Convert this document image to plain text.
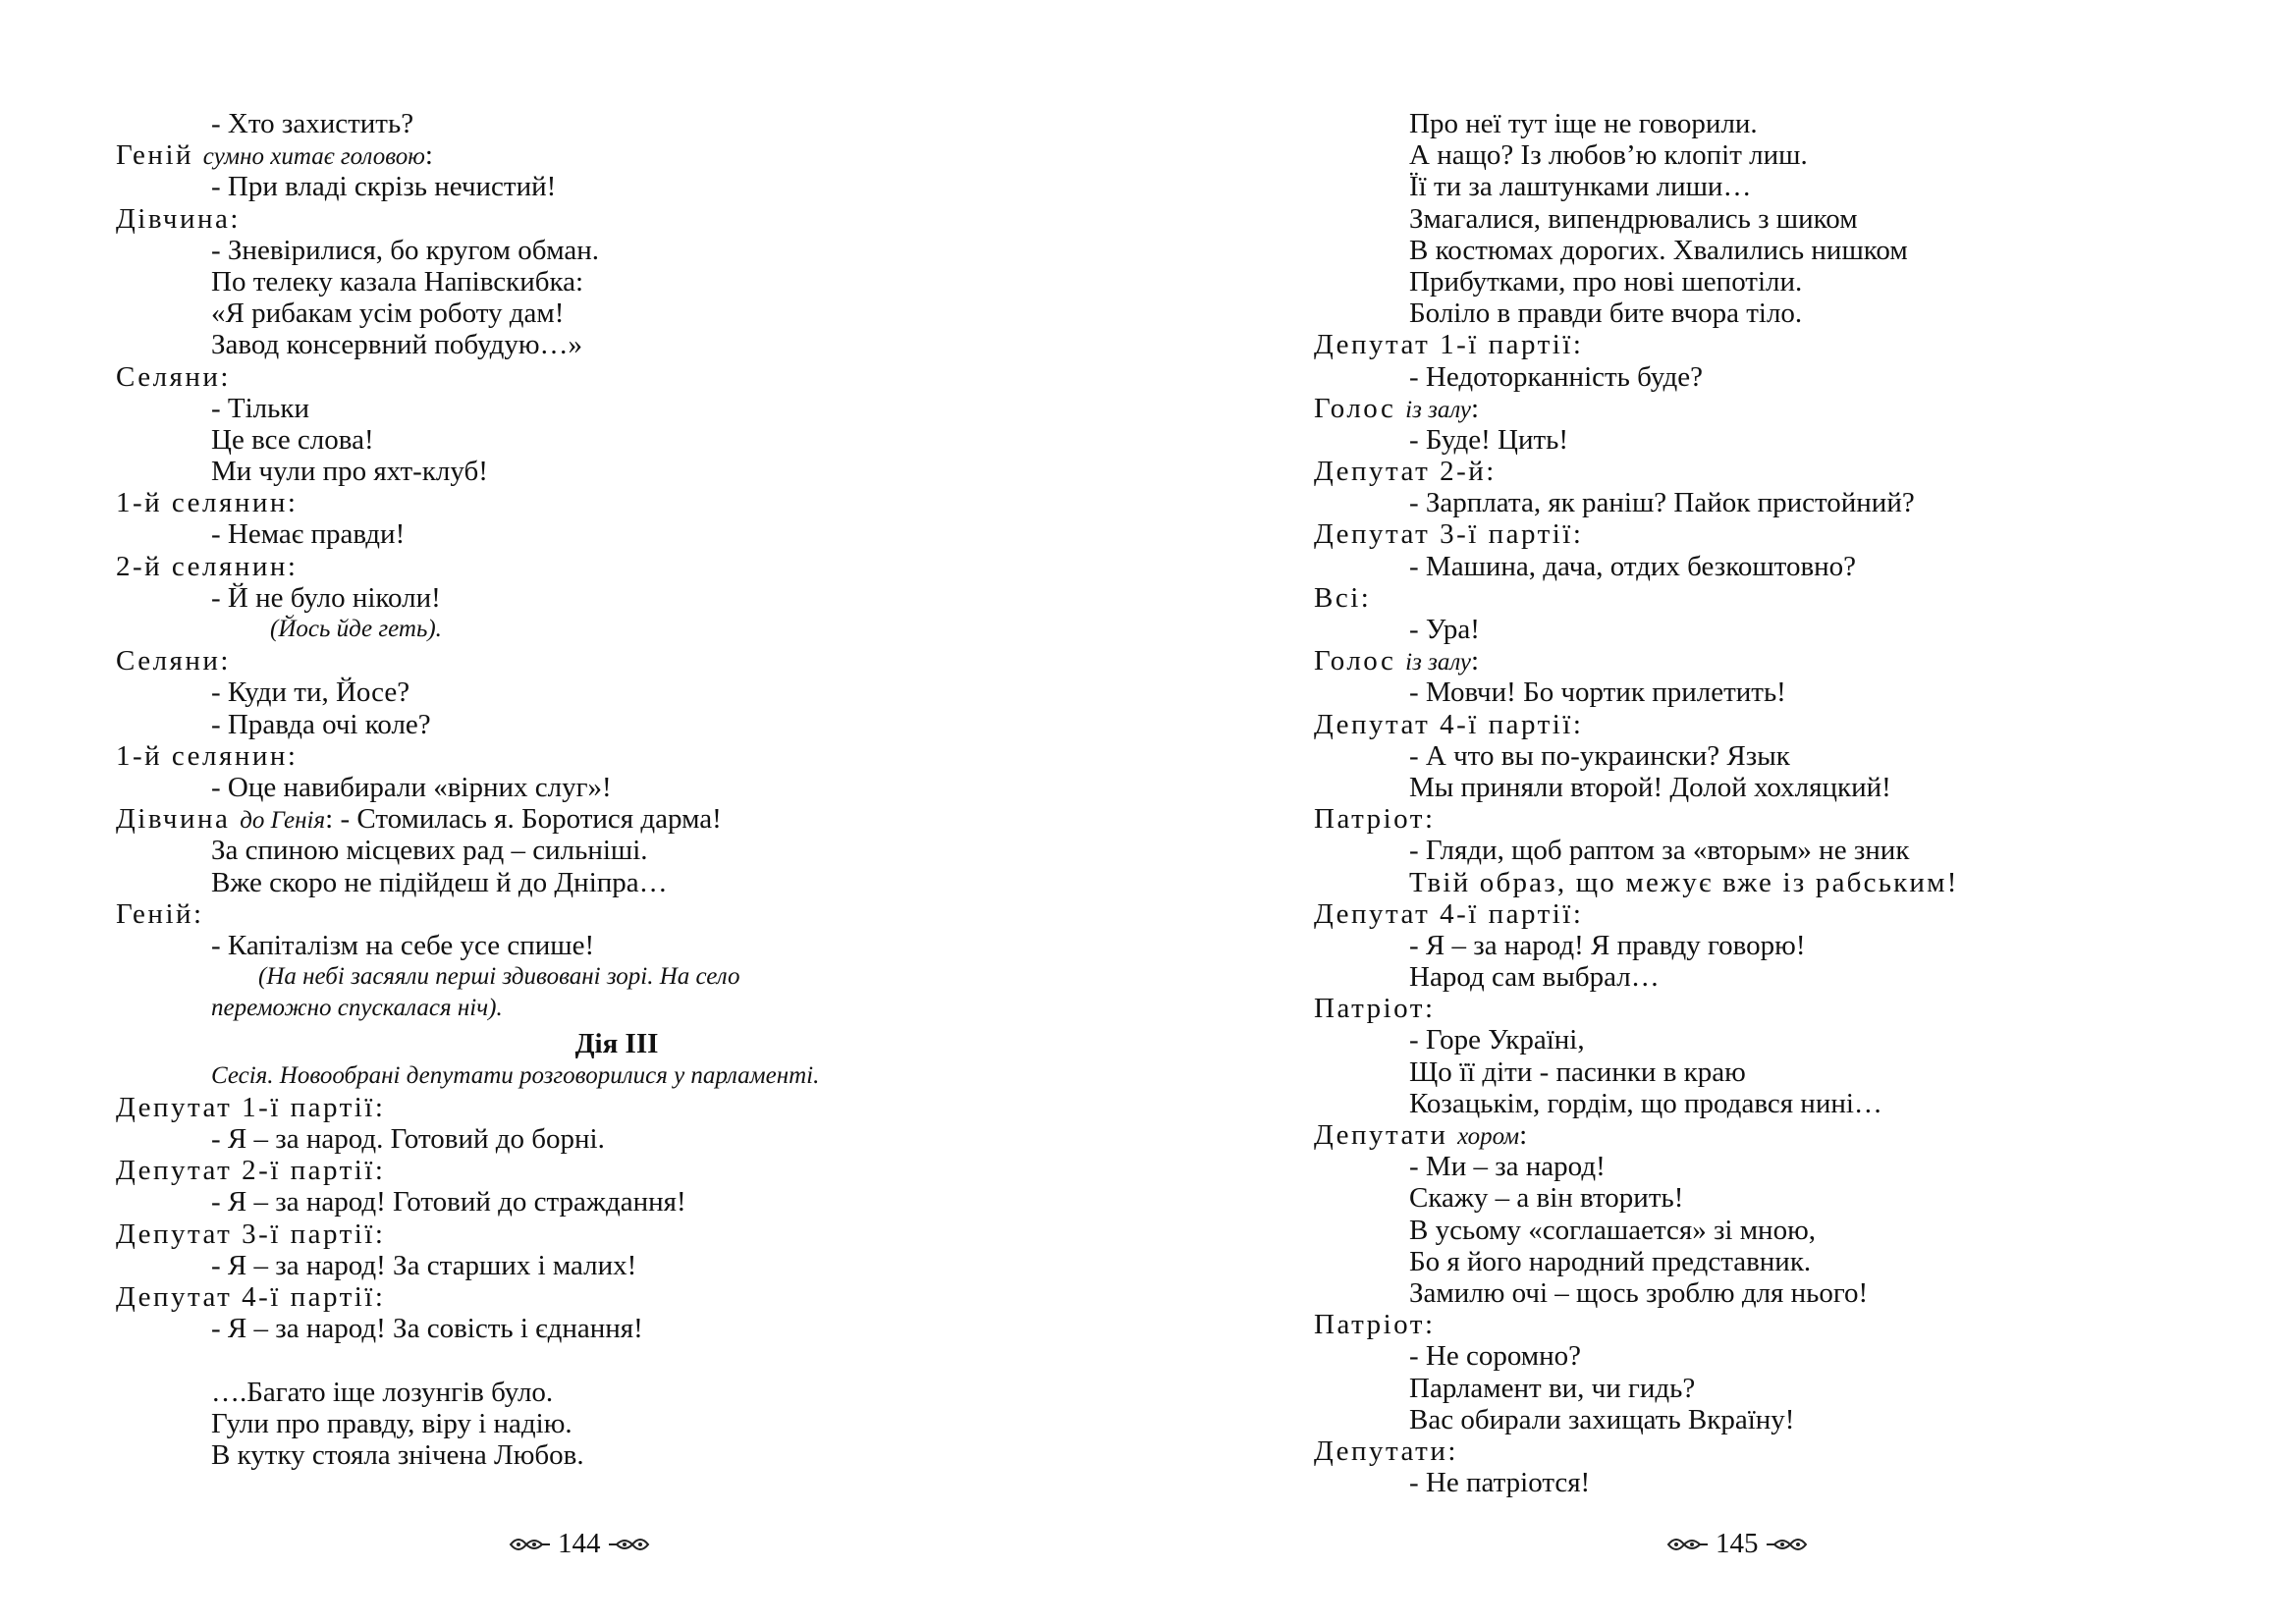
- Хто захистить?
Геній сумно хитає головою:
- При владі скрізь нечистий!
Дівчина:
- Зневірилися, бо кругом обман.
По телеку казала Напівскибка:
«Я рибакам усім роботу дам!
Завод консервний побудую…»
Селяни:
- Тільки
Це все слова!
Ми чули про яхт-клуб!
1-й селянин:
- Немає правди!
2-й селянин:
- Й не було ніколи!
(Йось йде геть).
Селяни:
- Куди ти, Йосе?
- Правда очі коле?
1-й селянин:
- Оце навибирали «вірних слуг»!
Дівчина до Генія: - Стомилась я. Боротися дарма!
За спиною місцевих рад – сильніші.
Вже скоро не підійдеш й до Дніпра…
Геній:
- Капіталізм на себе усе спише!
(На небі засяяли перші здивовані зорі. На село
переможно спускалася ніч).
Дія ІІІ
Сесія. Новообрані депутати розговорилися у парламенті.
Депутат 1-ї партії:
- Я – за народ. Готовий до борні.
Депутат 2-ї партії:
- Я – за народ! Готовий до страждання!
Депутат 3-ї партії:
- Я – за народ! За старших і малих!
Депутат 4-ї партії:
- Я – за народ! За совість і єднання!
….Багато іще лозунгів було.
Гули про правду, віру і надію.
В кутку стояла знічена Любов.
Про неї тут іще не говорили.
А нащо? Із любов’ю клопіт лиш.
Її ти за лаштунками лиши…
Змагалися, випендрювались з шиком
В костюмах дорогих. Хвалились нишком
Прибутками, про нові шепотіли.
Боліло в правди бите вчора тіло.
Депутат 1-ї партії:
- Недоторканність буде?
Голос із залу:
- Буде! Цить!
Депутат 2-й:
- Зарплата, як раніш? Пайок пристойний?
Депутат 3-ї партії:
- Машина, дача, отдих безкоштовно?
Всі:
- Ура!
Голос із залу:
- Мовчи! Бо чортик прилетить!
Депутат 4-ї партії:
- А что вы по-украински? Язык
Мы приняли второй! Долой хохляцкий!
Патріот:
- Гляди, щоб раптом за «вторым» не зник
Твій образ, що межує вже із рабським!
Депутат 4-ї партії:
- Я – за народ! Я правду говорю!
Народ сам выбрал…
Патріот:
- Горе Україні,
Що її діти - пасинки в краю
Козацькім, гордім, що продався нині…
Депутати хором:
- Ми – за народ!
Скажу – а він вторить!
В усьому «соглашается» зі мною,
Бо я його народний представник.
Замилю очі – щось зроблю для нього!
Патріот:
- Не соромно?
Парламент ви, чи гидь?
Вас обирали захищать Вкраїну!
Депутати:
- Не патріотся!
144	145
